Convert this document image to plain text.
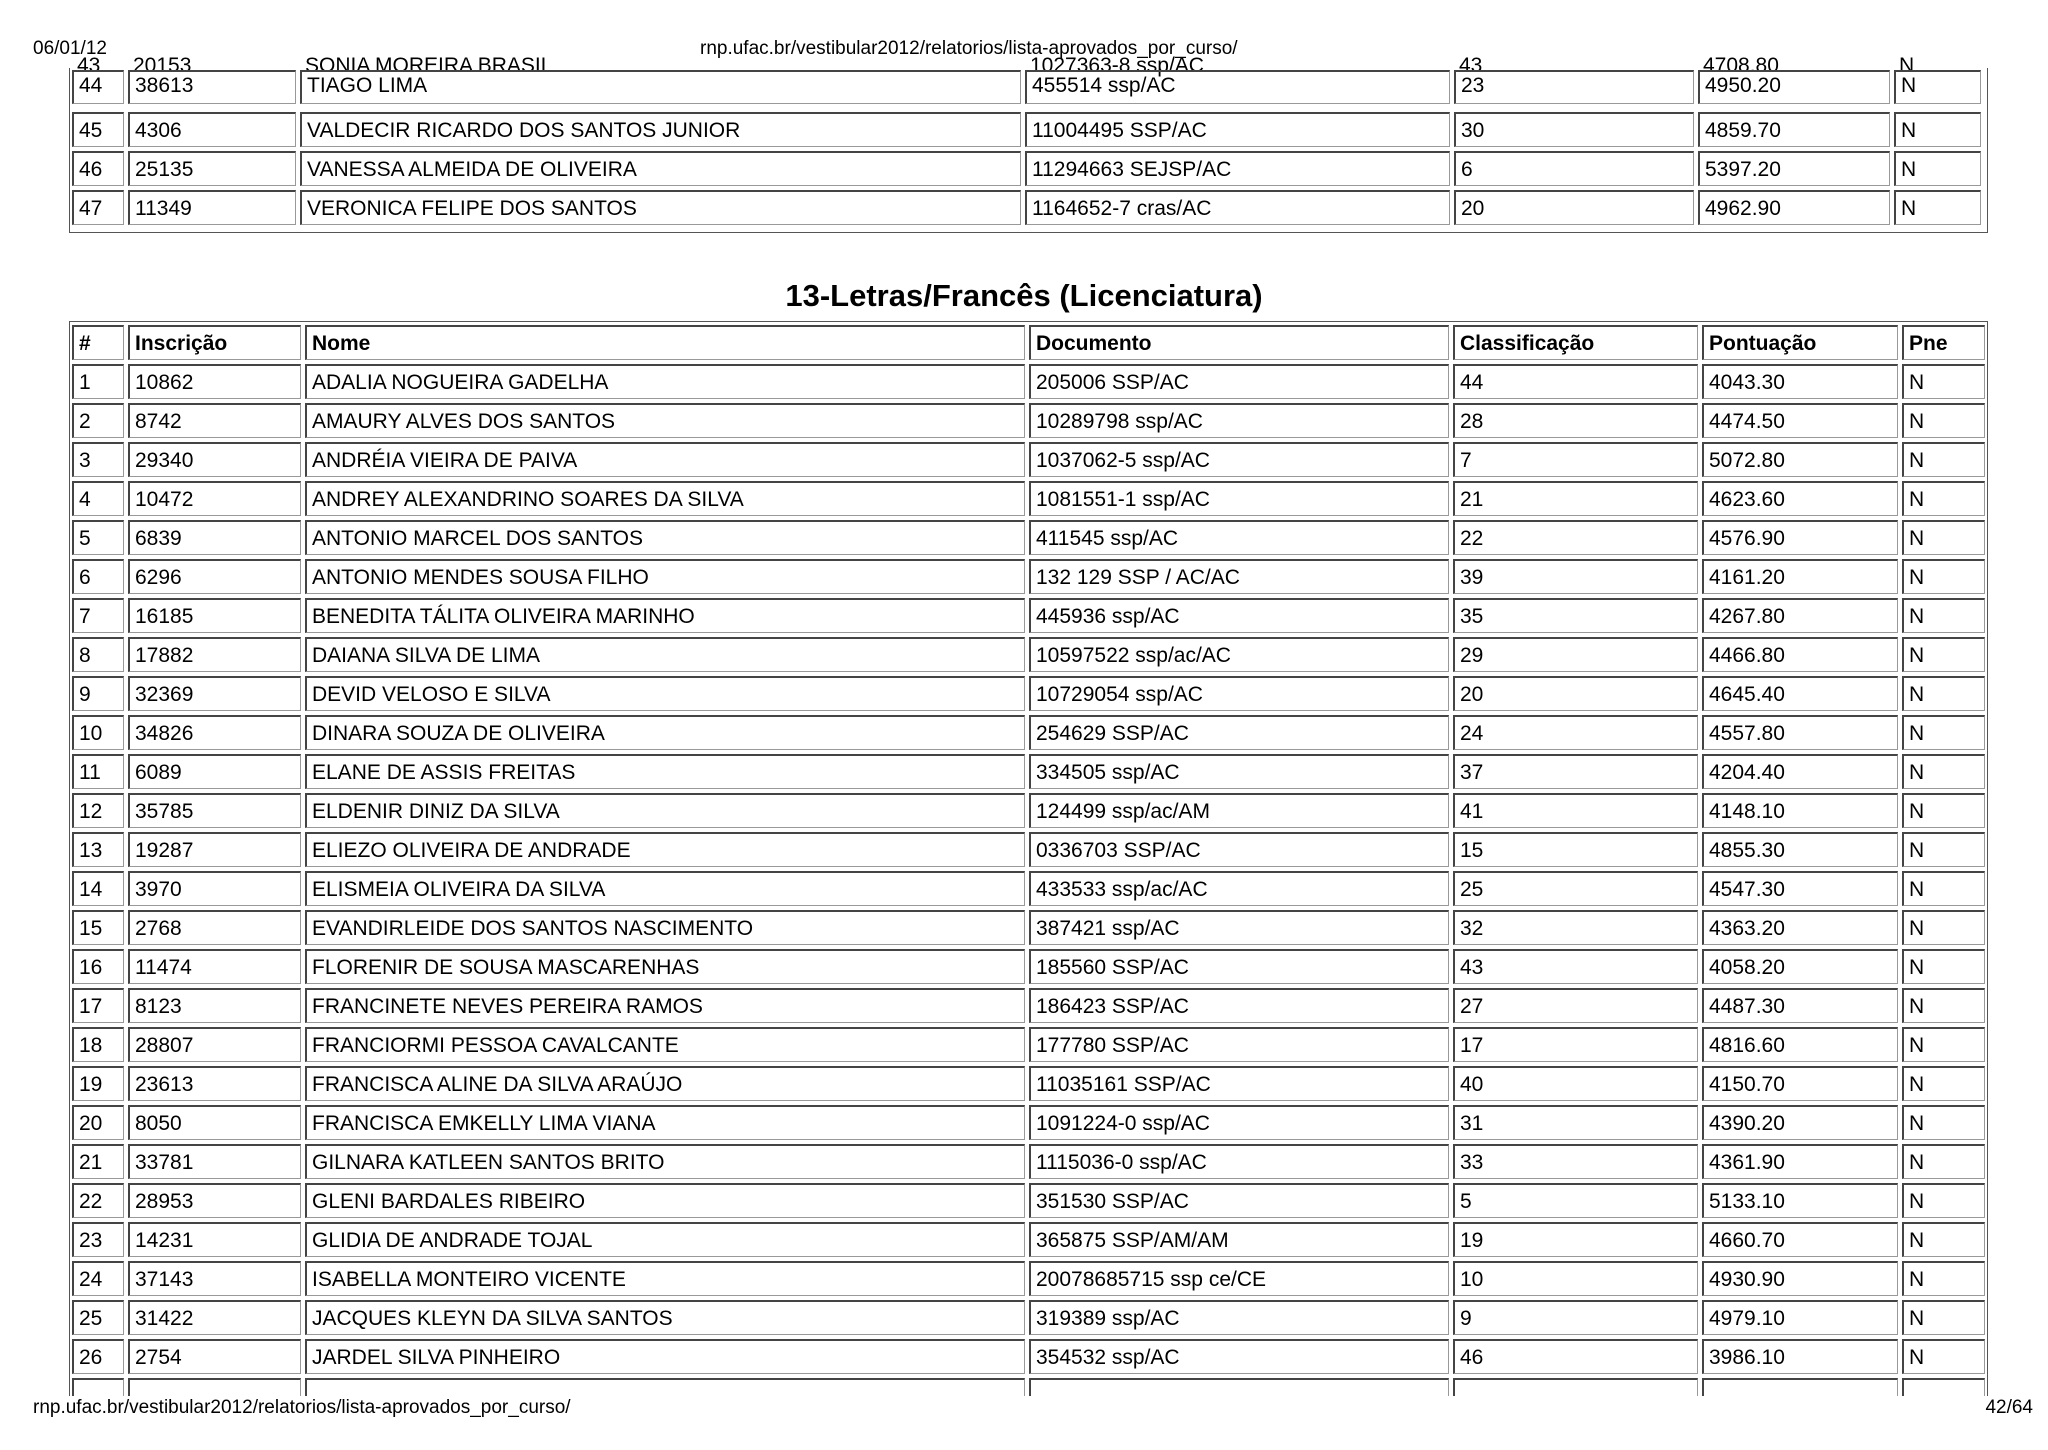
06/01/12	rnp.ufac.br/vestibular2012/relatorios/lista-aprovados_por_curso/
43	20153	SONIA MOREIRA BRASIL	1027363-8 ssp/AC	43	4708.80	N
44	38613	TIAGO LIMA	455514 ssp/AC	23	4950.20	N
45	4306	VALDECIR RICARDO DOS SANTOS JUNIOR	11004495 SSP/AC	30	4859.70	N
46	25135	VANESSA ALMEIDA DE OLIVEIRA	11294663 SEJSP/AC	6	5397.20	N
47	11349	VERONICA FELIPE DOS SANTOS	1164652-7 cras/AC	20	4962.90	N
13-Letras/Francês (Licenciatura)
#	Inscrição	Nome	Documento	Classificação	Pontuação	Pne
1	10862	ADALIA NOGUEIRA GADELHA	205006 SSP/AC	44	4043.30	N
2	8742	AMAURY ALVES DOS SANTOS	10289798 ssp/AC	28	4474.50	N
3	29340	ANDRÉIA VIEIRA DE PAIVA	1037062-5 ssp/AC	7	5072.80	N
4	10472	ANDREY ALEXANDRINO SOARES DA SILVA	1081551-1 ssp/AC	21	4623.60	N
5	6839	ANTONIO MARCEL DOS SANTOS	411545 ssp/AC	22	4576.90	N
6	6296	ANTONIO MENDES SOUSA FILHO	132 129 SSP / AC/AC	39	4161.20	N
7	16185	BENEDITA TÁLITA OLIVEIRA MARINHO	445936 ssp/AC	35	4267.80	N
8	17882	DAIANA SILVA DE LIMA	10597522 ssp/ac/AC	29	4466.80	N
9	32369	DEVID VELOSO E SILVA	10729054 ssp/AC	20	4645.40	N
10	34826	DINARA SOUZA DE OLIVEIRA	254629 SSP/AC	24	4557.80	N
11	6089	ELANE DE ASSIS FREITAS	334505 ssp/AC	37	4204.40	N
12	35785	ELDENIR DINIZ DA SILVA	124499 ssp/ac/AM	41	4148.10	N
13	19287	ELIEZO OLIVEIRA DE ANDRADE	0336703 SSP/AC	15	4855.30	N
14	3970	ELISMEIA OLIVEIRA DA SILVA	433533 ssp/ac/AC	25	4547.30	N
15	2768	EVANDIRLEIDE DOS SANTOS NASCIMENTO	387421 ssp/AC	32	4363.20	N
16	11474	FLORENIR DE SOUSA MASCARENHAS	185560 SSP/AC	43	4058.20	N
17	8123	FRANCINETE NEVES PEREIRA RAMOS	186423 SSP/AC	27	4487.30	N
18	28807	FRANCIORMI PESSOA CAVALCANTE	177780 SSP/AC	17	4816.60	N
19	23613	FRANCISCA ALINE DA SILVA ARAÚJO	11035161 SSP/AC	40	4150.70	N
20	8050	FRANCISCA EMKELLY LIMA VIANA	1091224-0 ssp/AC	31	4390.20	N
21	33781	GILNARA KATLEEN SANTOS BRITO	1115036-0 ssp/AC	33	4361.90	N
22	28953	GLENI BARDALES RIBEIRO	351530 SSP/AC	5	5133.10	N
23	14231	GLIDIA DE ANDRADE TOJAL	365875 SSP/AM/AM	19	4660.70	N
24	37143	ISABELLA MONTEIRO VICENTE	20078685715 ssp ce/CE	10	4930.90	N
25	31422	JACQUES KLEYN DA SILVA SANTOS	319389 ssp/AC	9	4979.10	N
26	2754	JARDEL SILVA PINHEIRO	354532 ssp/AC	46	3986.10	N
rnp.ufac.br/vestibular2012/relatorios/lista-aprovados_por_curso/	42/64
